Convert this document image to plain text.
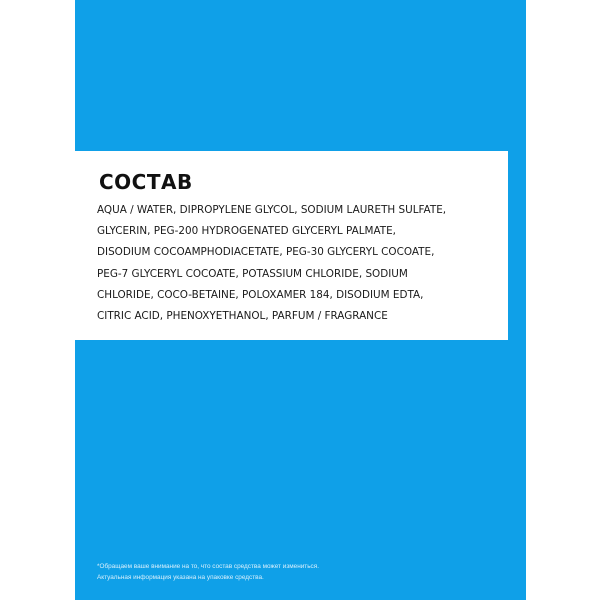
СОСТАВ

AQUA / WATER, DIPROPYLENE GLYCOL, SODIUM LAURETH SULFATE,
GLYCERIN, PEG-200 HYDROGENATED GLYCERYL PALMATE,
DISODIUM COCOAMPHODIACETATE, PEG-30 GLYCERYL COCOATE,
PEG-7 GLYCERYL COCOATE, POTASSIUM CHLORIDE, SODIUM
CHLORIDE, COCO-BETAINE, POLOXAMER 184, DISODIUM EDTA,
CITRIC ACID, PHENOXYETHANOL, PARFUM / FRAGRANCE

*Обращаем ваше внимание на то, что состав средства может измениться.
Актуальная информация указана на упаковке средства.
